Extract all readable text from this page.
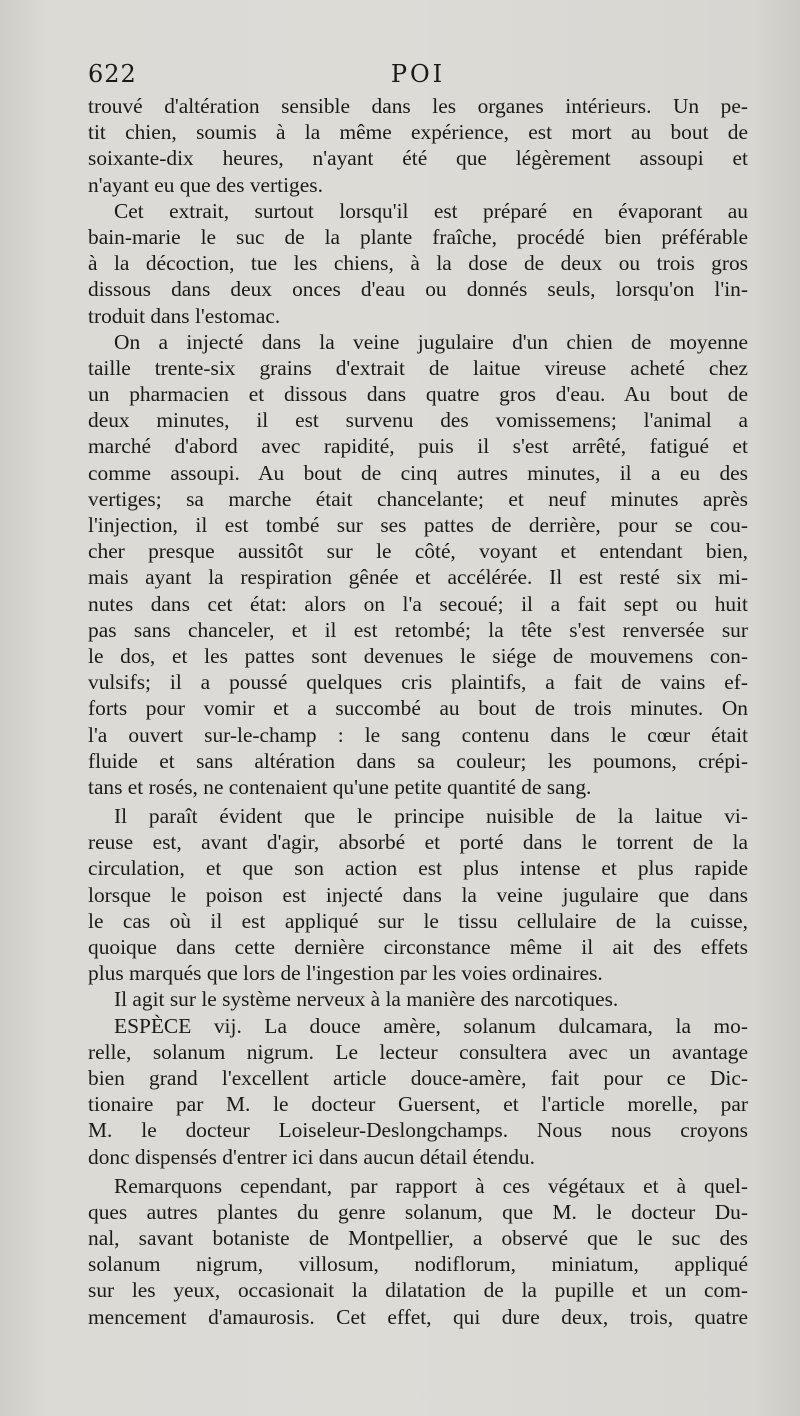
622	POI
trouvé d'altération sensible dans les organes intérieurs. Un pe-
tit chien, soumis à la même expérience, est mort au bout de
soixante-dix heures, n'ayant été que légèrement assoupi et
n'ayant eu que des vertiges.
Cet extrait, surtout lorsqu'il est préparé en évaporant au
bain-marie le suc de la plante fraîche, procédé bien préférable
à la décoction, tue les chiens, à la dose de deux ou trois gros
dissous dans deux onces d'eau ou donnés seuls, lorsqu'on l'in-
troduit dans l'estomac.
On a injecté dans la veine jugulaire d'un chien de moyenne
taille trente-six grains d'extrait de laitue vireuse acheté chez
un pharmacien et dissous dans quatre gros d'eau. Au bout de
deux minutes, il est survenu des vomissemens; l'animal a
marché d'abord avec rapidité, puis il s'est arrêté, fatigué et
comme assoupi. Au bout de cinq autres minutes, il a eu des
vertiges; sa marche était chancelante; et neuf minutes après
l'injection, il est tombé sur ses pattes de derrière, pour se cou-
cher presque aussitôt sur le côté, voyant et entendant bien,
mais ayant la respiration gênée et accélérée. Il est resté six mi-
nutes dans cet état: alors on l'a secoué; il a fait sept ou huit
pas sans chanceler, et il est retombé; la tête s'est renversée sur
le dos, et les pattes sont devenues le siége de mouvemens con-
vulsifs; il a poussé quelques cris plaintifs, a fait de vains ef-
forts pour vomir et a succombé au bout de trois minutes. On
l'a ouvert sur-le-champ : le sang contenu dans le cœur était
fluide et sans altération dans sa couleur; les poumons, crépi-
tans et rosés, ne contenaient qu'une petite quantité de sang.
Il paraît évident que le principe nuisible de la laitue vi-
reuse est, avant d'agir, absorbé et porté dans le torrent de la
circulation, et que son action est plus intense et plus rapide
lorsque le poison est injecté dans la veine jugulaire que dans
le cas où il est appliqué sur le tissu cellulaire de la cuisse,
quoique dans cette dernière circonstance même il ait des effets
plus marqués que lors de l'ingestion par les voies ordinaires.
Il agit sur le système nerveux à la manière des narcotiques.
ESPÈCE vij. La douce amère, solanum dulcamara, la mo-
relle, solanum nigrum. Le lecteur consultera avec un avantage
bien grand l'excellent article douce-amère, fait pour ce Dic-
tionaire par M. le docteur Guersent, et l'article morelle, par
M. le docteur Loiseleur-Deslongchamps. Nous nous croyons
donc dispensés d'entrer ici dans aucun détail étendu.
Remarquons cependant, par rapport à ces végétaux et à quel-
ques autres plantes du genre solanum, que M. le docteur Du-
nal, savant botaniste de Montpellier, a observé que le suc des
solanum nigrum, villosum, nodiflorum, miniatum, appliqué
sur les yeux, occasionait la dilatation de la pupille et un com-
mencement d'amaurosis. Cet effet, qui dure deux, trois, quatre
